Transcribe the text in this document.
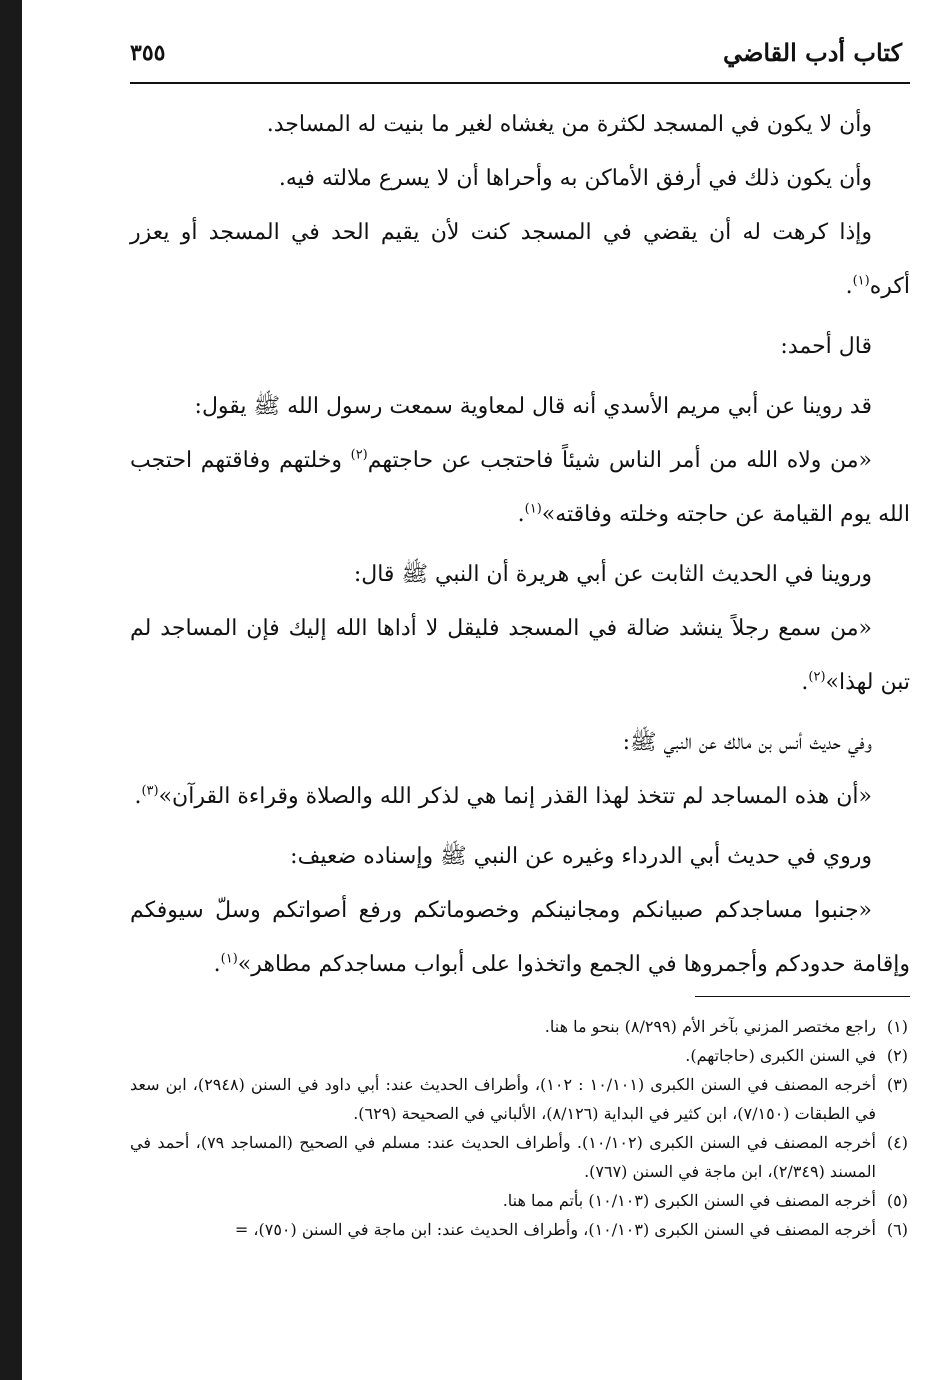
كتاب أدب القاضي
٣٥٥

وأن لا يكون في المسجد لكثرة من يغشاه لغير ما بنيت له المساجد.

وأن يكون ذلك في أرفق الأماكن به وأحراها أن لا يسرع ملالته فيه.

وإذا كرهت له أن يقضي في المسجد كنت لأن يقيم الحد في المسجد أو يعزر أكره$^{(١)}$.

قال أحمد:

قد روينا عن أبي مريم الأسدي أنه قال لمعاوية سمعت رسول الله ﷺ يقول:

«من ولاه الله من أمر الناس شيئاً فاحتجب عن حاجتهم$^{(٢)}$ وخلتهم وفاقتهم احتجب الله يوم القيامة عن حاجته وخلته وفاقته»$^{(١)}$.

وروينا في الحديث الثابت عن أبي هريرة أن النبي ﷺ قال:

«من سمع رجلاً ينشد ضالة في المسجد فليقل لا أداها الله إليك فإن المساجد لم تبن لهذا»$^{(٢)}$.

وفي حديث أنس بن مالك عن النبي ﷺ:

«أن هذه المساجد لم تتخذ لهذا القذر إنما هي لذكر الله والصلاة وقراءة القرآن»$^{(٣)}$.

وروي في حديث أبي الدرداء وغيره عن النبي ﷺ وإسناده ضعيف:

«جنبوا مساجدكم صبيانكم ومجانينكم وخصوماتكم ورفع أصواتكم وسلّ سيوفكم وإقامة حدودكم وأجمروها في الجمع واتخذوا على أبواب مساجدكم مطاهر»$^{(١)}$.

(١)
راجع مختصر المزني بآخر الأم (٨/٢٩٩) بنحو ما هنا.

(٢)
في السنن الكبرى (حاجاتهم).

(٣)
أخرجه المصنف في السنن الكبرى (١٠/١٠١ : ١٠٢)، وأطراف الحديث عند: أبي داود في السنن (٢٩٤٨)، ابن سعد في الطبقات (٧/١٥٠)، ابن كثير في البداية (٨/١٢٦)، الألباني في الصحيحة (٦٢٩).

(٤)
أخرجه المصنف في السنن الكبرى (١٠/١٠٢). وأطراف الحديث عند: مسلم في الصحيح (المساجد ٧٩)، أحمد في المسند (٢/٣٤٩)، ابن ماجة في السنن (٧٦٧).

(٥)
أخرجه المصنف في السنن الكبرى (١٠/١٠٣) بأتم مما هنا.

(٦)
أخرجه المصنف في السنن الكبرى (١٠/١٠٣)، وأطراف الحديث عند: ابن ماجة في السنن (٧٥٠)، =
